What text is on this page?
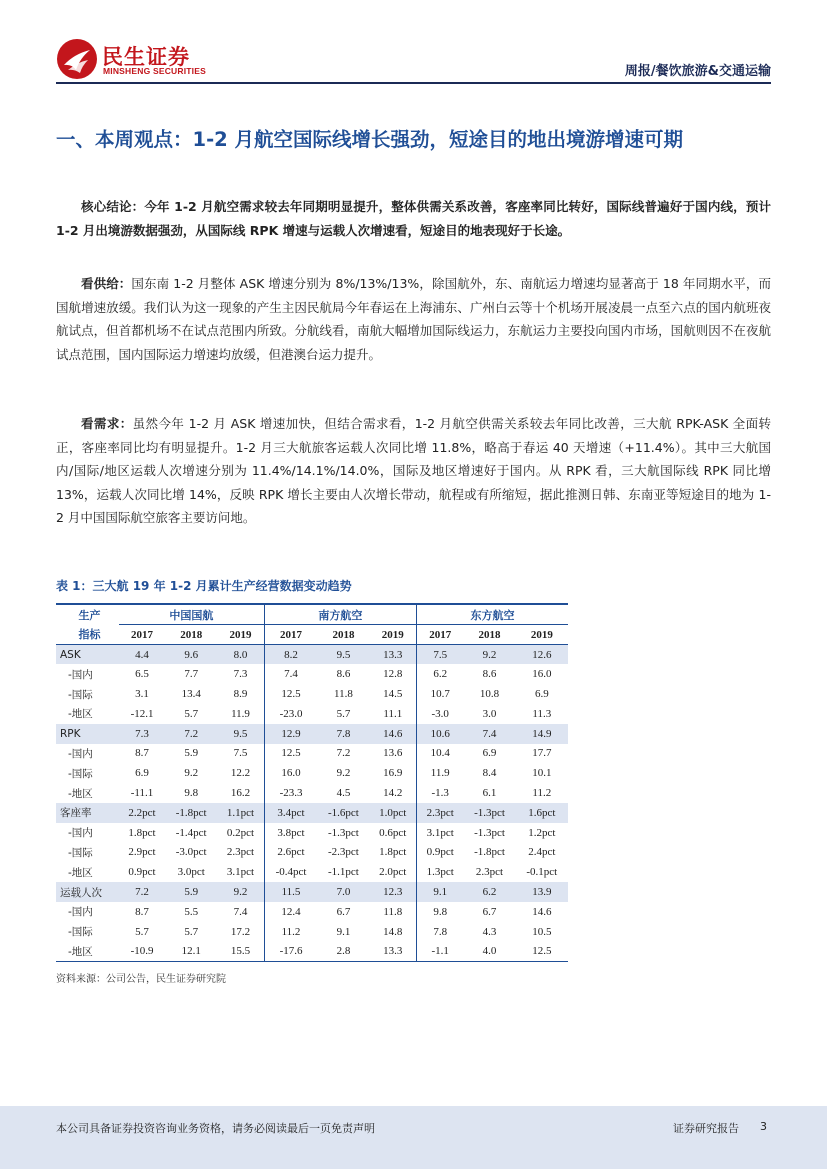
民生证券
MINSHENG SECURITIES	周报/餐饮旅游&交通运输
一、本周观点：1-2 月航空国际线增长强劲，短途目的地出境游增速可期

核心结论：今年 1-2 月航空需求较去年同期明显提升，整体供需关系改善，客座率同比转好，国际线普遍好于国内线，预计 1-2 月出境游数据强劲，从国际线 RPK 增速与运载人次增速看，短途目的地表现好于长途。

看供给：国东南 1-2 月整体 ASK 增速分别为 8%/13%/13%，除国航外，东、南航运力增速均显著高于 18 年同期水平，而国航增速放缓。我们认为这一现象的产生主因民航局今年春运在上海浦东、广州白云等十个机场开展凌晨一点至六点的国内航班夜航试点，但首都机场不在试点范围内所致。分航线看，南航大幅增加国际线运力，东航运力主要投向国内市场，国航则因不在夜航试点范围，国内国际运力增速均放缓，但港澳台运力提升。

看需求：虽然今年 1-2 月 ASK 增速加快，但结合需求看，1-2 月航空供需关系较去年同比改善，三大航 RPK-ASK 全面转正，客座率同比均有明显提升。1-2 月三大航旅客运载人次同比增 11.8%，略高于春运 40 天增速（+11.4%）。其中三大航国内/国际/地区运载人次增速分别为 11.4%/14.1%/14.0%，国际及地区增速好于国内。从 RPK 看，三大航国际线 RPK 同比增 13%，运载人次同比增 14%，反映 RPK 增长主要由人次增长带动，航程或有所缩短，据此推测日韩、东南亚等短途目的地为 1-2 月中国国际航空旅客主要访问地。

表 1：三大航 19 年 1-2 月累计生产经营数据变动趋势
生产	中国国航			南方航空			东方航空		
指标	2017	2018	2019	2017	2018	2019	2017	2018	2019
ASK	4.4	9.6	8.0	8.2	9.5	13.3	7.5	9.2	12.6
-国内	6.5	7.7	7.3	7.4	8.6	12.8	6.2	8.6	16.0
-国际	3.1	13.4	8.9	12.5	11.8	14.5	10.7	10.8	6.9
-地区	-12.1	5.7	11.9	-23.0	5.7	11.1	-3.0	3.0	11.3
RPK	7.3	7.2	9.5	12.9	7.8	14.6	10.6	7.4	14.9
-国内	8.7	5.9	7.5	12.5	7.2	13.6	10.4	6.9	17.7
-国际	6.9	9.2	12.2	16.0	9.2	16.9	11.9	8.4	10.1
-地区	-11.1	9.8	16.2	-23.3	4.5	14.2	-1.3	6.1	11.2
客座率	2.2pct	-1.8pct	1.1pct	3.4pct	-1.6pct	1.0pct	2.3pct	-1.3pct	1.6pct
-国内	1.8pct	-1.4pct	0.2pct	3.8pct	-1.3pct	0.6pct	3.1pct	-1.3pct	1.2pct
-国际	2.9pct	-3.0pct	2.3pct	2.6pct	-2.3pct	1.8pct	0.9pct	-1.8pct	2.4pct
-地区	0.9pct	3.0pct	3.1pct	-0.4pct	-1.1pct	2.0pct	1.3pct	2.3pct	-0.1pct
运载人次	7.2	5.9	9.2	11.5	7.0	12.3	9.1	6.2	13.9
-国内	8.7	5.5	7.4	12.4	6.7	11.8	9.8	6.7	14.6
-国际	5.7	5.7	17.2	11.2	9.1	14.8	7.8	4.3	10.5
-地区	-10.9	12.1	15.5	-17.6	2.8	13.3	-1.1	4.0	12.5
资料来源：公司公告，民生证券研究院
本公司具备证券投资咨询业务资格，请务必阅读最后一页免责声明	证券研究报告 3
